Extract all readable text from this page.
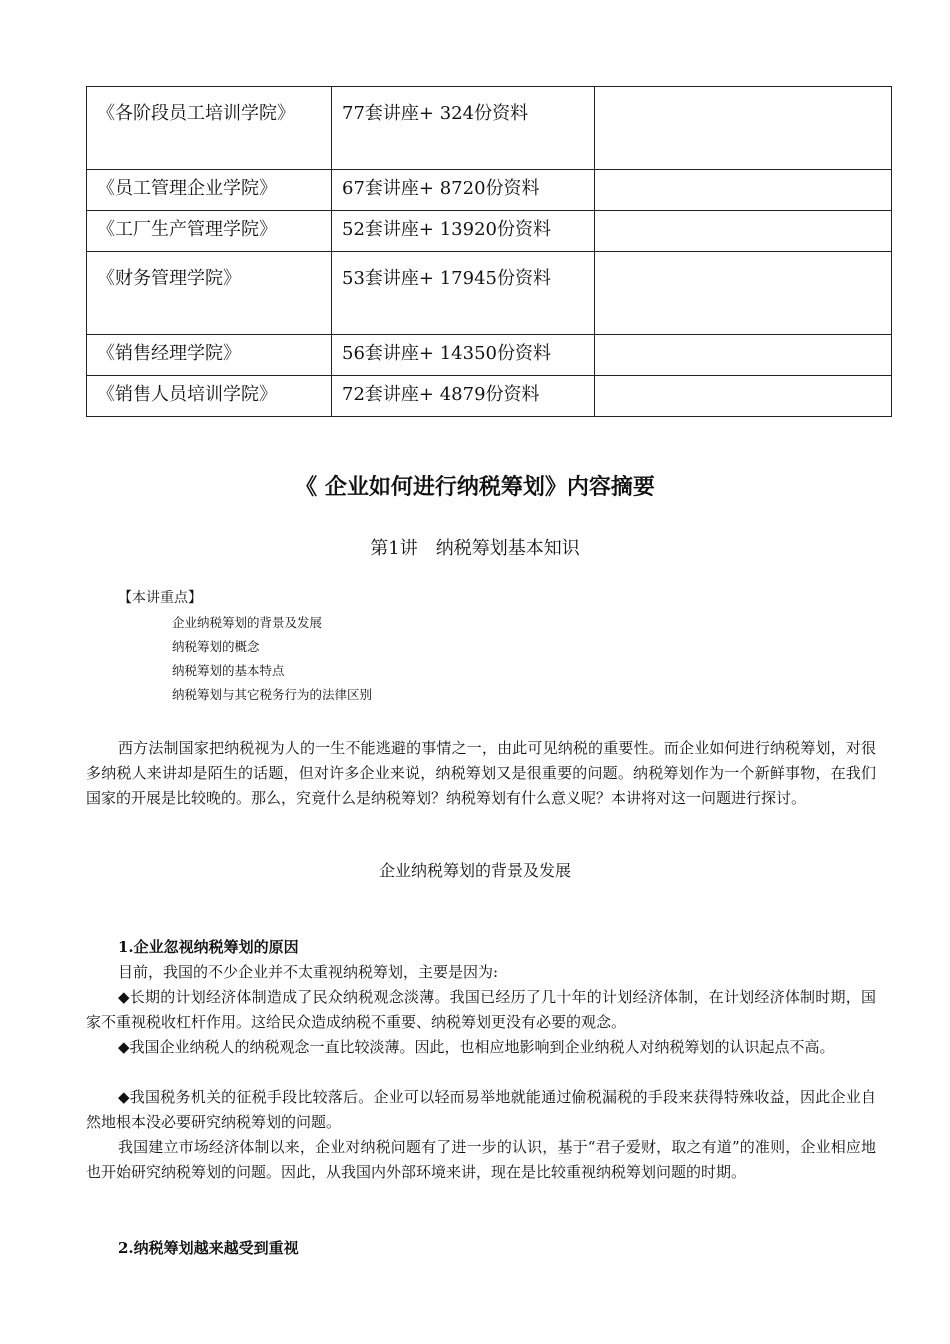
《各阶段员工培训学院》	77套讲座+ 324份资料	
《员工管理企业学院》	67套讲座+ 8720份资料	
《工厂生产管理学院》	52套讲座+ 13920份资料	
《财务管理学院》	53套讲座+ 17945份资料	
《销售经理学院》	56套讲座+ 14350份资料	
《销售人员培训学院》	72套讲座+ 4879份资料	
《 企业如何进行纳税筹划》内容摘要
第1讲　纳税筹划基本知识
【本讲重点】
企业纳税筹划的背景及发展
纳税筹划的概念
纳税筹划的基本特点
纳税筹划与其它税务行为的法律区别

西方法制国家把纳税视为人的一生不能逃避的事情之一，由此可见纳税的重要性。而企业如何进行纳税筹划，对很多纳税人来讲却是陌生的话题，但对许多企业来说，纳税筹划又是很重要的问题。纳税筹划作为一个新鲜事物，在我们国家的开展是比较晚的。那么，究竟什么是纳税筹划？纳税筹划有什么意义呢？本讲将对这一问题进行探讨。

企业纳税筹划的背景及发展
1.企业忽视纳税筹划的原因

目前，我国的不少企业并不太重视纳税筹划，主要是因为:

◆长期的计划经济体制造成了民众纳税观念淡薄。我国已经历了几十年的计划经济体制，在计划经济体制时期，国家不重视税收杠杆作用。这给民众造成纳税不重要、纳税筹划更没有必要的观念。

◆我国企业纳税人的纳税观念一直比较淡薄。因此，也相应地影响到企业纳税人对纳税筹划的认识起点不高。

◆我国税务机关的征税手段比较落后。企业可以轻而易举地就能通过偷税漏税的手段来获得特殊收益，因此企业自然地根本没必要研究纳税筹划的问题。

我国建立市场经济体制以来，企业对纳税问题有了进一步的认识，基于“君子爱财，取之有道”的准则，企业相应地也开始研究纳税筹划的问题。因此，从我国内外部环境来讲，现在是比较重视纳税筹划问题的时期。

2.纳税筹划越来越受到重视
